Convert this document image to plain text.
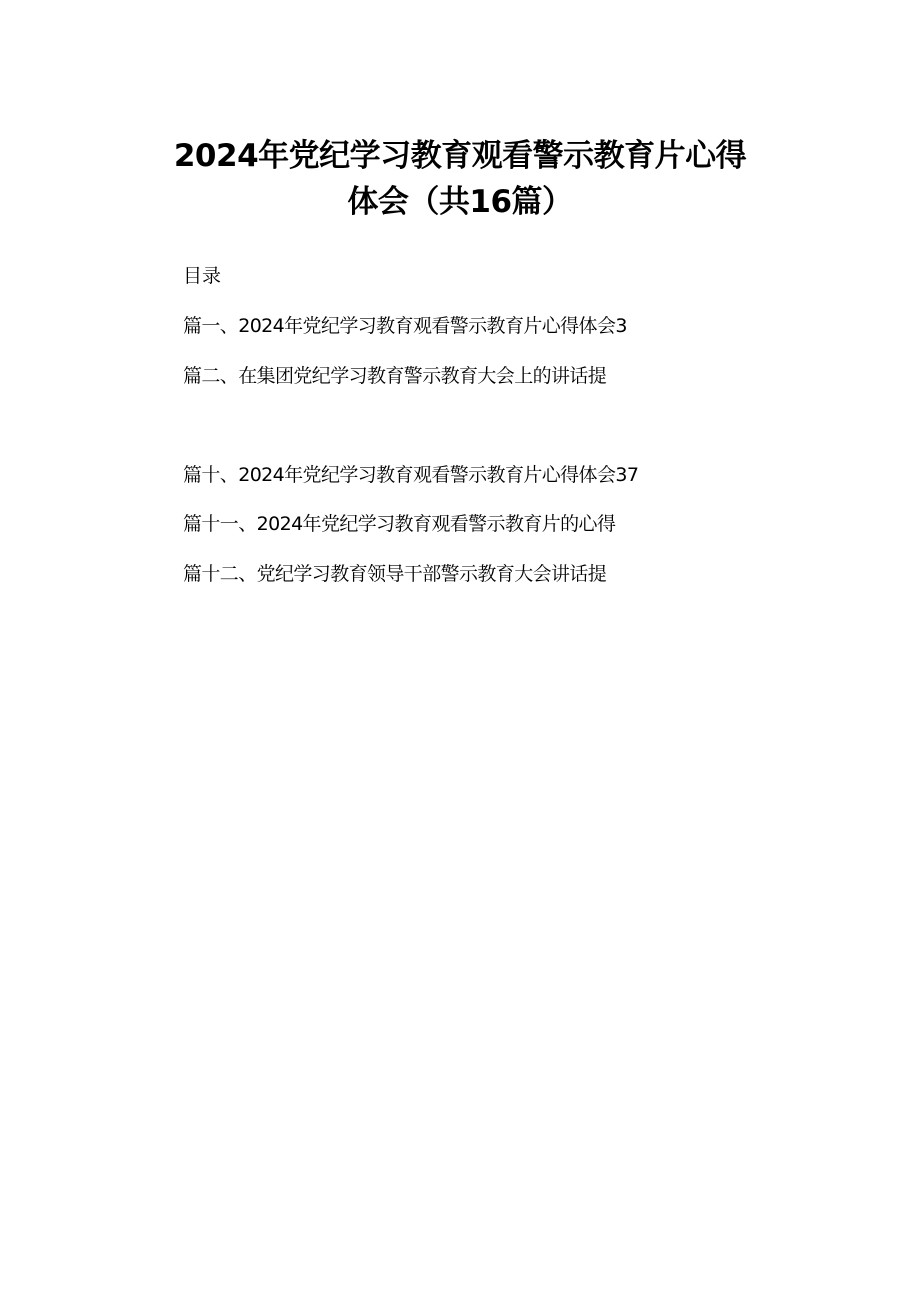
2024年党纪学习教育观看警示教育片心得
体会（共16篇）
目录
篇一、2024年党纪学习教育观看警示教育片心得体会3
篇二、在集团党纪学习教育警示教育大会上的讲话提
篇十、2024年党纪学习教育观看警示教育片心得体会37
篇十一、2024年党纪学习教育观看警示教育片的心得
篇十二、党纪学习教育领导干部警示教育大会讲话提
